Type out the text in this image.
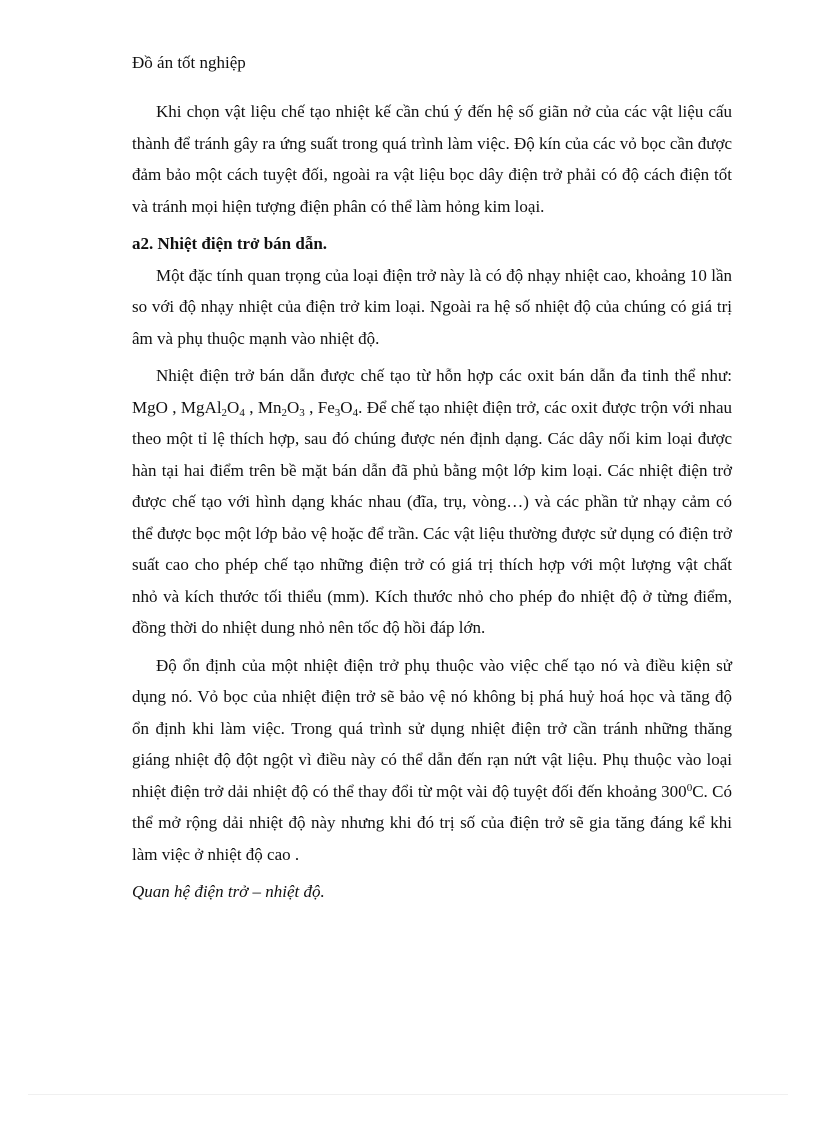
Đồ án tốt nghiệp

Khi chọn vật liệu chế tạo nhiệt kế cần chú ý đến hệ số giãn nở của các vật liệu cấu thành để tránh gây ra ứng suất trong quá trình làm việc. Độ kín của các vỏ bọc cần được đảm bảo một cách tuyệt đối, ngoài ra vật liệu bọc dây điện trở phải có độ cách điện tốt và tránh mọi hiện tượng điện phân có thể làm hỏng kim loại.

a2. Nhiệt điện trở bán dẫn.

Một đặc tính quan trọng của loại điện trở này là có độ nhạy nhiệt cao, khoảng 10 lần so với độ nhạy nhiệt của điện trở kim loại. Ngoài ra hệ số nhiệt độ của chúng có giá trị âm và phụ thuộc mạnh vào nhiệt độ.

Nhiệt điện trở bán dẫn được chế tạo từ hỗn hợp các oxit bán dẫn đa tinh thể như: MgO , $MgAl_2O_4$ , $Mn_2O_3$ , $Fe_3O_4$. Để chế tạo nhiệt điện trở, các oxit được trộn với nhau theo một tỉ lệ thích hợp, sau đó chúng được nén định dạng. Các dây nối kim loại được hàn tại hai điểm trên bề mặt bán dẫn đã phủ bằng một lớp kim loại. Các nhiệt điện trở được chế tạo với hình dạng khác nhau (đĩa, trụ, vòng…) và các phần tử nhạy cảm có thể được bọc một lớp bảo vệ hoặc để trần. Các vật liệu thường được sử dụng có điện trở suất cao cho phép chế tạo những điện trở có giá trị thích hợp với một lượng vật chất nhỏ và kích thước tối thiểu (mm). Kích thước nhỏ cho phép đo nhiệt độ ở từng điểm, đồng thời do nhiệt dung nhỏ nên tốc độ hồi đáp lớn.

Độ ổn định của một nhiệt điện trở phụ thuộc vào việc chế tạo nó và điều kiện sử dụng nó. Vỏ bọc của nhiệt điện trở sẽ bảo vệ nó không bị phá huỷ hoá học và tăng độ ổn định khi làm việc. Trong quá trình sử dụng nhiệt điện trở cần tránh những thăng giáng nhiệt độ đột ngột vì điều này có thể dẫn đến rạn nứt vật liệu. Phụ thuộc vào loại nhiệt điện trở dải nhiệt độ có thể thay đổi từ một vài độ tuyệt đối đến khoảng $300^0C$. Có thể mở rộng dải nhiệt độ này nhưng khi đó trị số của điện trở sẽ gia tăng đáng kể khi làm việc ở nhiệt độ cao .

Quan hệ điện trở – nhiệt độ.
